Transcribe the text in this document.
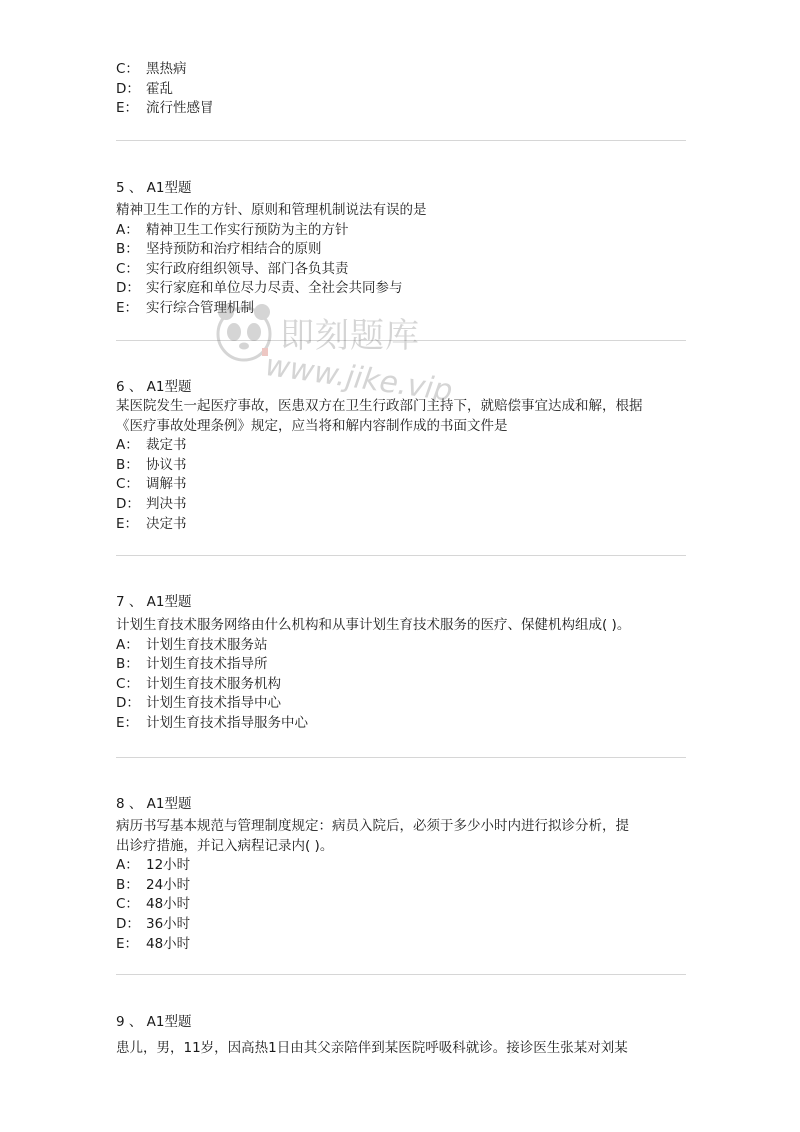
C： 黑热病
D： 霍乱
E： 流行性感冒
5 、 A1型题
精神卫生工作的方针、原则和管理机制说法有误的是
A： 精神卫生工作实行预防为主的方针
B： 坚持预防和治疗相结合的原则
C： 实行政府组织领导、部门各负其责
D： 实行家庭和单位尽力尽责、全社会共同参与
E： 实行综合管理机制
6 、 A1型题
某医院发生一起医疗事故，医患双方在卫生行政部门主持下，就赔偿事宜达成和解，根据
《医疗事故处理条例》规定，应当将和解内容制作成的书面文件是
A： 裁定书
B： 协议书
C： 调解书
D： 判决书
E： 决定书
7 、 A1型题
计划生育技术服务网络由什么机构和从事计划生育技术服务的医疗、保健机构组成( )。
A： 计划生育技术服务站
B： 计划生育技术指导所
C： 计划生育技术服务机构
D： 计划生育技术指导中心
E： 计划生育技术指导服务中心
8 、 A1型题
病历书写基本规范与管理制度规定：病员入院后，必须于多少小时内进行拟诊分析，提
出诊疗措施，并记入病程记录内( )。
A： 12小时
B： 24小时
C： 48小时
D： 36小时
E： 48小时
9 、 A1型题
患儿，男，11岁，因高热1日由其父亲陪伴到某医院呼吸科就诊。接诊医生张某对刘某
即刻题库
www.jike.vip
